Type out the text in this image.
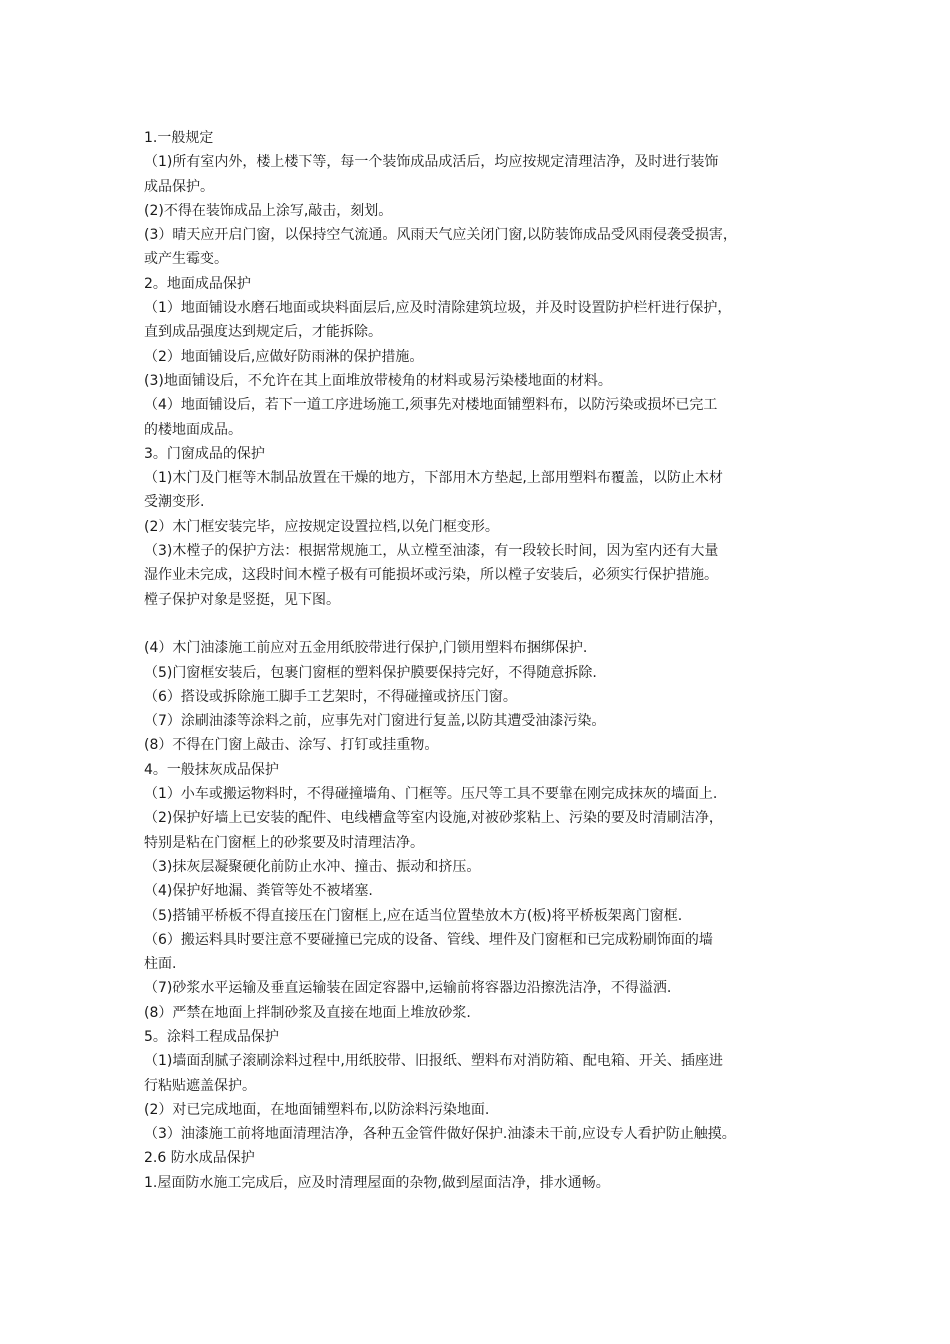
1.一般规定
（1)所有室内外，楼上楼下等，每一个装饰成品成活后，均应按规定清理洁净，及时进行装饰
成品保护。
(2)不得在装饰成品上涂写,敲击，刻划。
(3）晴天应开启门窗，以保持空气流通。风雨天气应关闭门窗,以防装饰成品受风雨侵袭受损害，
或产生霉变。
2。地面成品保护
（1）地面铺设水磨石地面或块料面层后,应及时清除建筑垃圾，并及时设置防护栏杆进行保护，
直到成品强度达到规定后，才能拆除。
（2）地面铺设后,应做好防雨淋的保护措施。
(3)地面铺设后，不允许在其上面堆放带棱角的材料或易污染楼地面的材料。
（4）地面铺设后，若下一道工序进场施工,须事先对楼地面铺塑料布，以防污染或损坏已完工
的楼地面成品。
3。门窗成品的保护
（1)木门及门框等木制品放置在干燥的地方，下部用木方垫起,上部用塑料布覆盖，以防止木材
受潮变形.
(2）木门框安装完毕，应按规定设置拉档,以免门框变形。
（3)木樘子的保护方法：根据常规施工，从立樘至油漆，有一段较长时间，因为室内还有大量
湿作业未完成，这段时间木樘子极有可能损坏或污染，所以樘子安装后，必须实行保护措施。
樘子保护对象是竖挺，见下图。
(4）木门油漆施工前应对五金用纸胶带进行保护,门锁用塑料布捆绑保护.
（5)门窗框安装后，包裹门窗框的塑料保护膜要保持完好，不得随意拆除.
（6）搭设或拆除施工脚手工艺架时，不得碰撞或挤压门窗。
（7）涂刷油漆等涂料之前，应事先对门窗进行复盖,以防其遭受油漆污染。
(8）不得在门窗上敲击、涂写、打钉或挂重物。
4。一般抹灰成品保护
（1）小车或搬运物料时，不得碰撞墙角、门框等。压尺等工具不要靠在刚完成抹灰的墙面上.
（2)保护好墙上已安装的配件、电线槽盒等室内设施,对被砂浆粘上、污染的要及时清刷洁净，
特别是粘在门窗框上的砂浆要及时清理洁净。
（3)抹灰层凝聚硬化前防止水冲、撞击、振动和挤压。
（4)保护好地漏、粪管等处不被堵塞.
（5)搭铺平桥板不得直接压在门窗框上,应在适当位置垫放木方(板)将平桥板架离门窗框.
（6）搬运料具时要注意不要碰撞已完成的设备、管线、埋件及门窗框和已完成粉刷饰面的墙
柱面.
（7)砂浆水平运输及垂直运输装在固定容器中,运输前将容器边沿擦洗洁净，不得溢洒.
(8）严禁在地面上拌制砂浆及直接在地面上堆放砂浆.
5。涂料工程成品保护
（1)墙面刮腻子滚刷涂料过程中,用纸胶带、旧报纸、塑料布对消防箱、配电箱、开关、插座进
行粘贴遮盖保护。
(2）对已完成地面，在地面铺塑料布,以防涂料污染地面.
（3）油漆施工前将地面清理洁净，各种五金管件做好保护.油漆未干前,应设专人看护防止触摸。
2.6 防水成品保护
1.屋面防水施工完成后，应及时清理屋面的杂物,做到屋面洁净，排水通畅。
